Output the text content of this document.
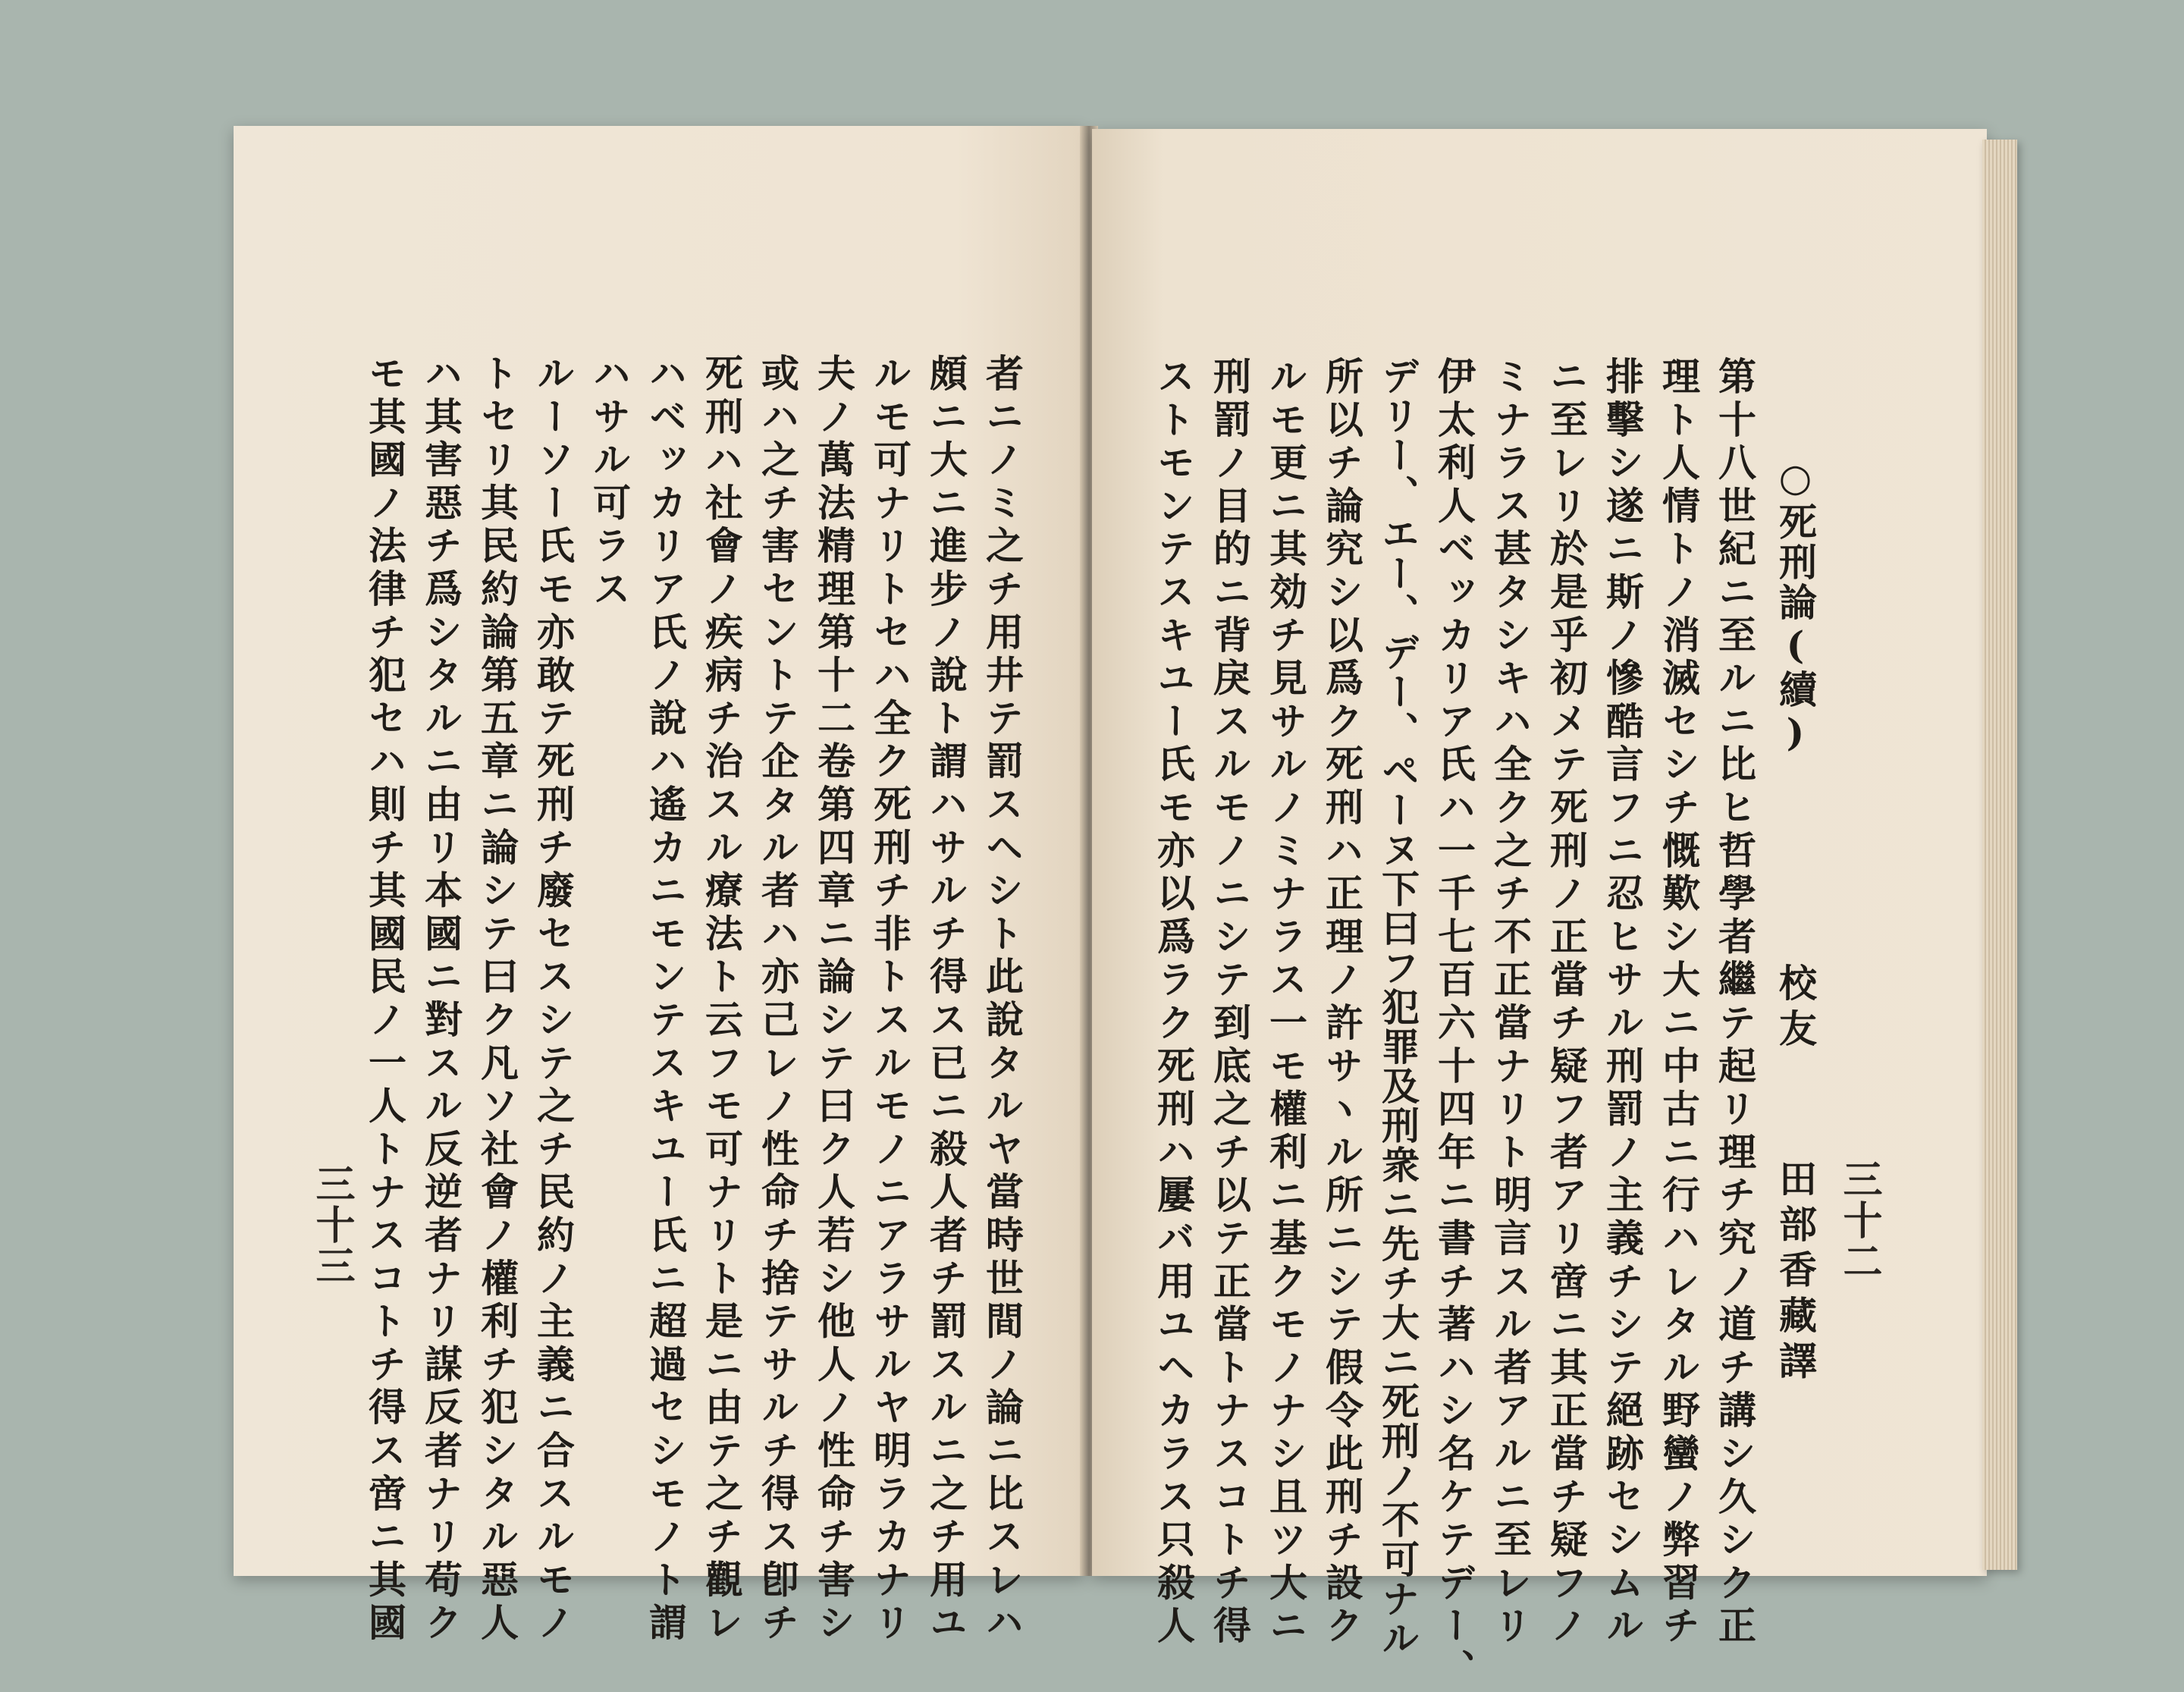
者ニノミ之チ用井テ罰スヘシト此說タルヤ當時世間ノ論ニ比スレハ
頗ニ大ニ進步ノ說ト謂ハサルチ得ス已ニ殺人者チ罰スルニ之チ用ユ
ルモ可ナリトセハ全ク死刑チ非トスルモノニアラサルヤ明ラカナリ
夫ノ萬法精理第十二卷第四章ニ論シテ曰ク人若シ他人ノ性命チ害シ
或ハ之チ害セントテ企タル者ハ亦己レノ性命チ捨テサルチ得ス卽チ
死刑ハ社會ノ疾病チ治スル療法ト云フモ可ナリト是ニ由テ之チ觀レ
ハベッカリア氏ノ說ハ遙カニモンテスキユー氏ニ超過セシモノト謂
ハサル可ラス
ルーソー氏モ亦敢テ死刑チ廢セスシテ之チ民約ノ主義ニ合スルモノ
トセリ其民約論第五章ニ論シテ曰ク凡ソ社會ノ權利チ犯シタル惡人
ハ其害惡チ爲シタルニ由リ本國ニ對スル反逆者ナリ謀反者ナリ苟ク
モ其國ノ法律チ犯セハ則チ其國民ノ一人トナスコトチ得ス啻ニ其國
三十三	三十二
○死刑論(續)
校友
田部香藏譯
第十八世紀ニ至ルニ比ヒ哲學者繼テ起リ理チ究ノ道チ講シ久シク正
理ト人情トノ消滅セシチ慨歎シ大ニ中古ニ行ハレタル野蠻ノ弊習チ
排擊シ遂ニ斯ノ慘酷言フニ忍ヒサル刑罰ノ主義チシテ絕跡セシムル
ニ至レリ於是乎初メテ死刑ノ正當チ疑フ者アリ啻ニ其正當チ疑フノ
ミナラス甚タシキハ全ク之チ不正當ナリト明言スル者アルニ至レリ
伊太利人ベッカリア氏ハ一千七百六十四年ニ書チ著ハシ名ケテデー、
デリー、エー、デー、ペーヌ下曰フ犯罪及刑衆ニ先チ大ニ死刑ノ不可ナル
所以チ論究シ以爲ク死刑ハ正理ノ許サヽル所ニシテ假令此刑チ設ク
ルモ更ニ其効チ見サルノミナラス一モ權利ニ基クモノナシ且ツ大ニ
刑罰ノ目的ニ背戾スルモノニシテ到底之チ以テ正當トナスコトチ得
ストモンテスキユー氏モ亦以爲ラク死刑ハ屢バ用ユヘカラス只殺人
